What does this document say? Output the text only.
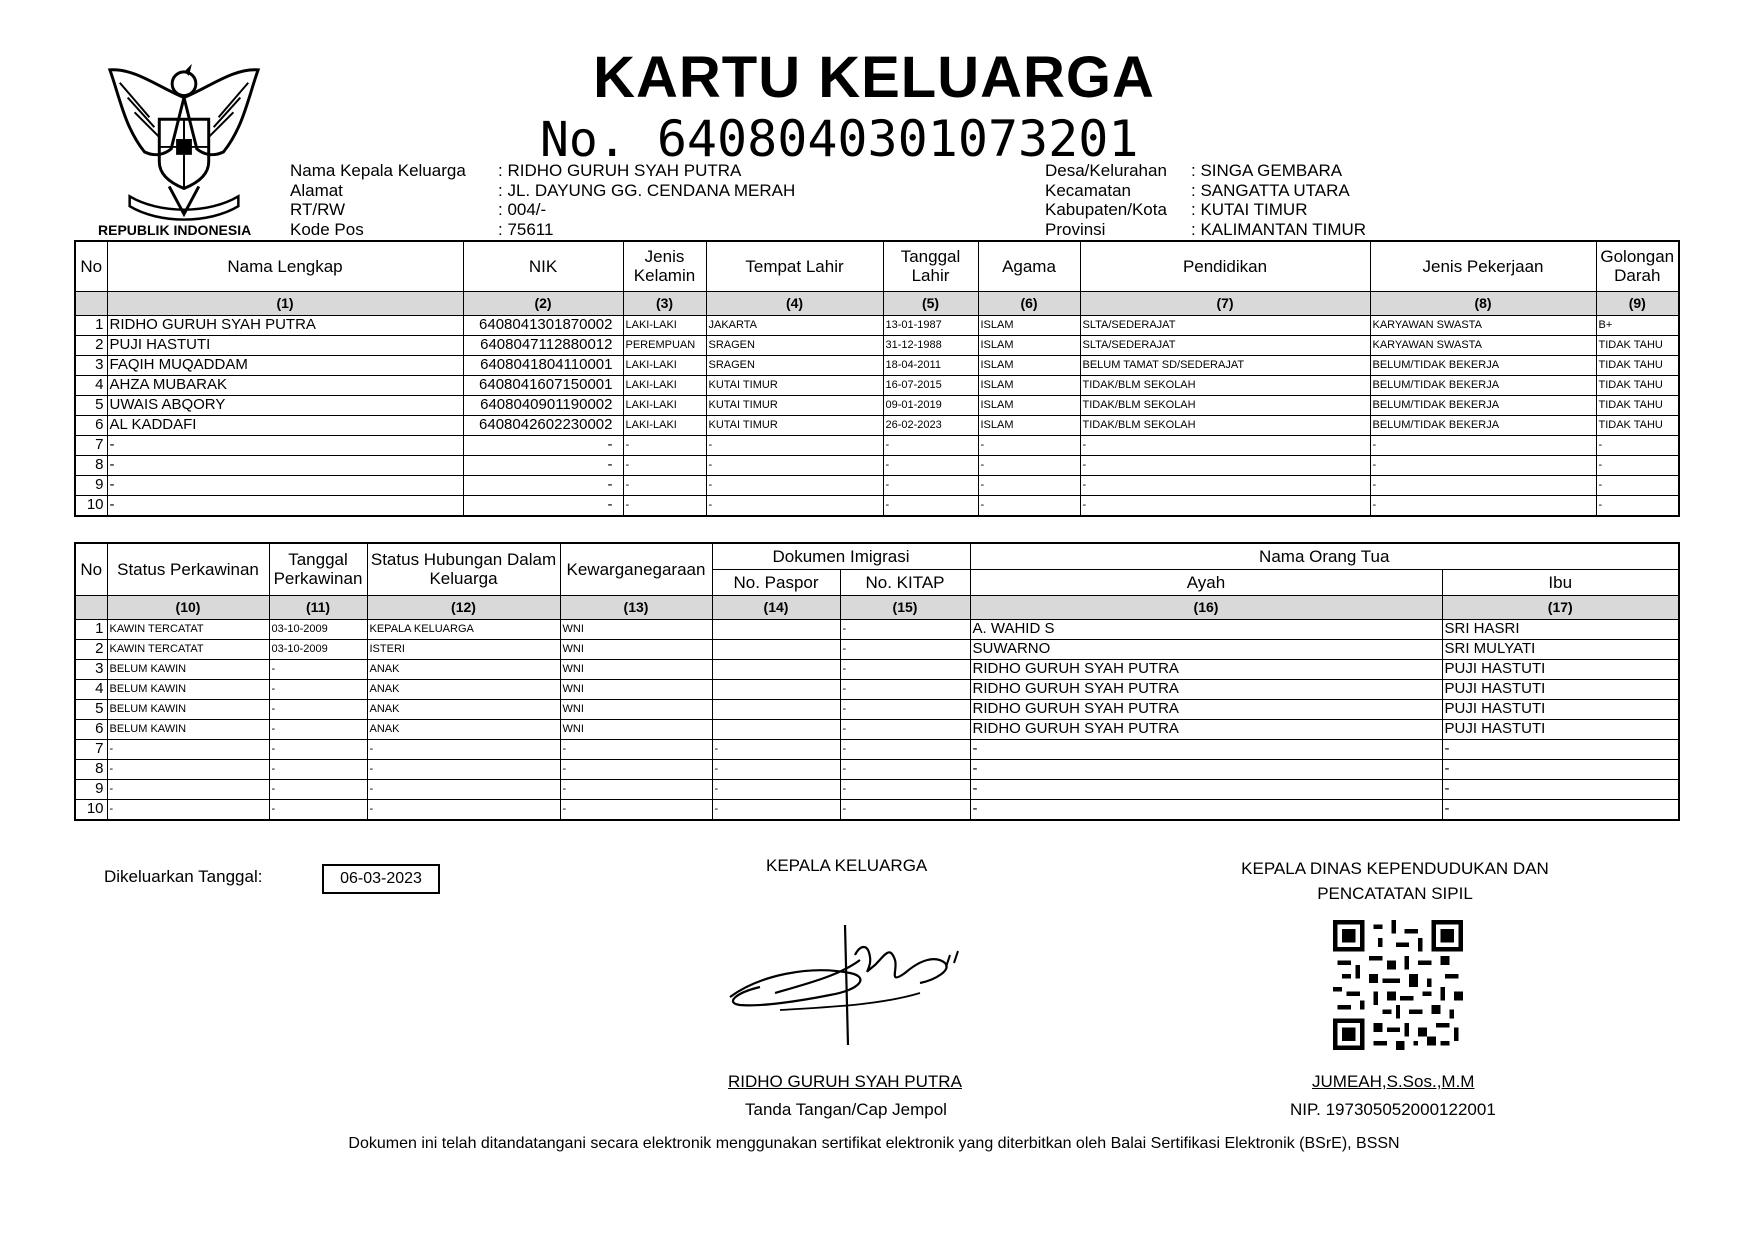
KARTU KELUARGA
No. 6408040301073201
REPUBLIK INDONESIA
Nama Kepala Keluarga : RIDHO GURUH SYAH PUTRA
Alamat	: JL. DAYUNG GG. CENDANA MERAH
RT/RW	: 004/-
Kode Pos	: 75611
Desa/Kelurahan : SINGA GEMBARA
Kecamatan	: SANGATTA UTARA
Kabupaten/Kota : KUTAI TIMUR
Provinsi	: KALIMANTAN TIMUR
No	Nama Lengkap	NIK	Jenis Kelamin	Tempat Lahir	Tanggal Lahir	Agama	Pendidikan	Jenis Pekerjaan	Golongan Darah
	(1)	(2)	(3)	(4)	(5)	(6)	(7)	(8)	(9)
1	RIDHO GURUH SYAH PUTRA	6408041301870002	LAKI-LAKI	JAKARTA	13-01-1987	ISLAM	SLTA/SEDERAJAT	KARYAWAN SWASTA	B+
2	PUJI HASTUTI	6408047112880012	PEREMPUAN	SRAGEN	31-12-1988	ISLAM	SLTA/SEDERAJAT	KARYAWAN SWASTA	TIDAK TAHU
3	FAQIH MUQADDAM	6408041804110001	LAKI-LAKI	SRAGEN	18-04-2011	ISLAM	BELUM TAMAT SD/SEDERAJAT	BELUM/TIDAK BEKERJA	TIDAK TAHU
4	AHZA MUBARAK	6408041607150001	LAKI-LAKI	KUTAI TIMUR	16-07-2015	ISLAM	TIDAK/BLM SEKOLAH	BELUM/TIDAK BEKERJA	TIDAK TAHU
5	UWAIS ABQORY	6408040901190002	LAKI-LAKI	KUTAI TIMUR	09-01-2019	ISLAM	TIDAK/BLM SEKOLAH	BELUM/TIDAK BEKERJA	TIDAK TAHU
6	AL KADDAFI	6408042602230002	LAKI-LAKI	KUTAI TIMUR	26-02-2023	ISLAM	TIDAK/BLM SEKOLAH	BELUM/TIDAK BEKERJA	TIDAK TAHU
7	-	-	-	-	-	-	-	-	-
8	-	-	-	-	-	-	-	-	-
9	-	-	-	-	-	-	-	-	-
10	-	-	-	-	-	-	-	-	-
No	Status Perkawinan	Tanggal Perkawinan	Status Hubungan Dalam Keluarga	Kewarganegaraan	Dokumen Imigrasi		Nama Orang Tua	
					No. Paspor	No. KITAP	Ayah	Ibu
	(10)	(11)	(12)	(13)	(14)	(15)	(16)	(17)
1	KAWIN TERCATAT	03-10-2009	KEPALA KELUARGA	WNI		-	A. WAHID S	SRI HASRI
2	KAWIN TERCATAT	03-10-2009	ISTERI	WNI		-	SUWARNO	SRI MULYATI
3	BELUM KAWIN	-	ANAK	WNI		-	RIDHO GURUH SYAH PUTRA	PUJI HASTUTI
4	BELUM KAWIN	-	ANAK	WNI		-	RIDHO GURUH SYAH PUTRA	PUJI HASTUTI
5	BELUM KAWIN	-	ANAK	WNI		-	RIDHO GURUH SYAH PUTRA	PUJI HASTUTI
6	BELUM KAWIN	-	ANAK	WNI		-	RIDHO GURUH SYAH PUTRA	PUJI HASTUTI
7	-	-	-	-	-	-	-	-
8	-	-	-	-	-	-	-	-
9	-	-	-	-	-	-	-	-
10	-	-	-	-	-	-	-	-
Dikeluarkan Tanggal:	06-03-2023
KEPALA KELUARGA	KEPALA DINAS KEPENDUDUKAN DAN PENCATATAN SIPIL
RIDHO GURUH SYAH PUTRA
Tanda Tangan/Cap Jempol
JUMEAH,S.Sos.,M.M
NIP. 197305052000122001
Dokumen ini telah ditandatangani secara elektronik menggunakan sertifikat elektronik yang diterbitkan oleh Balai Sertifikasi Elektronik (BSrE), BSSN
